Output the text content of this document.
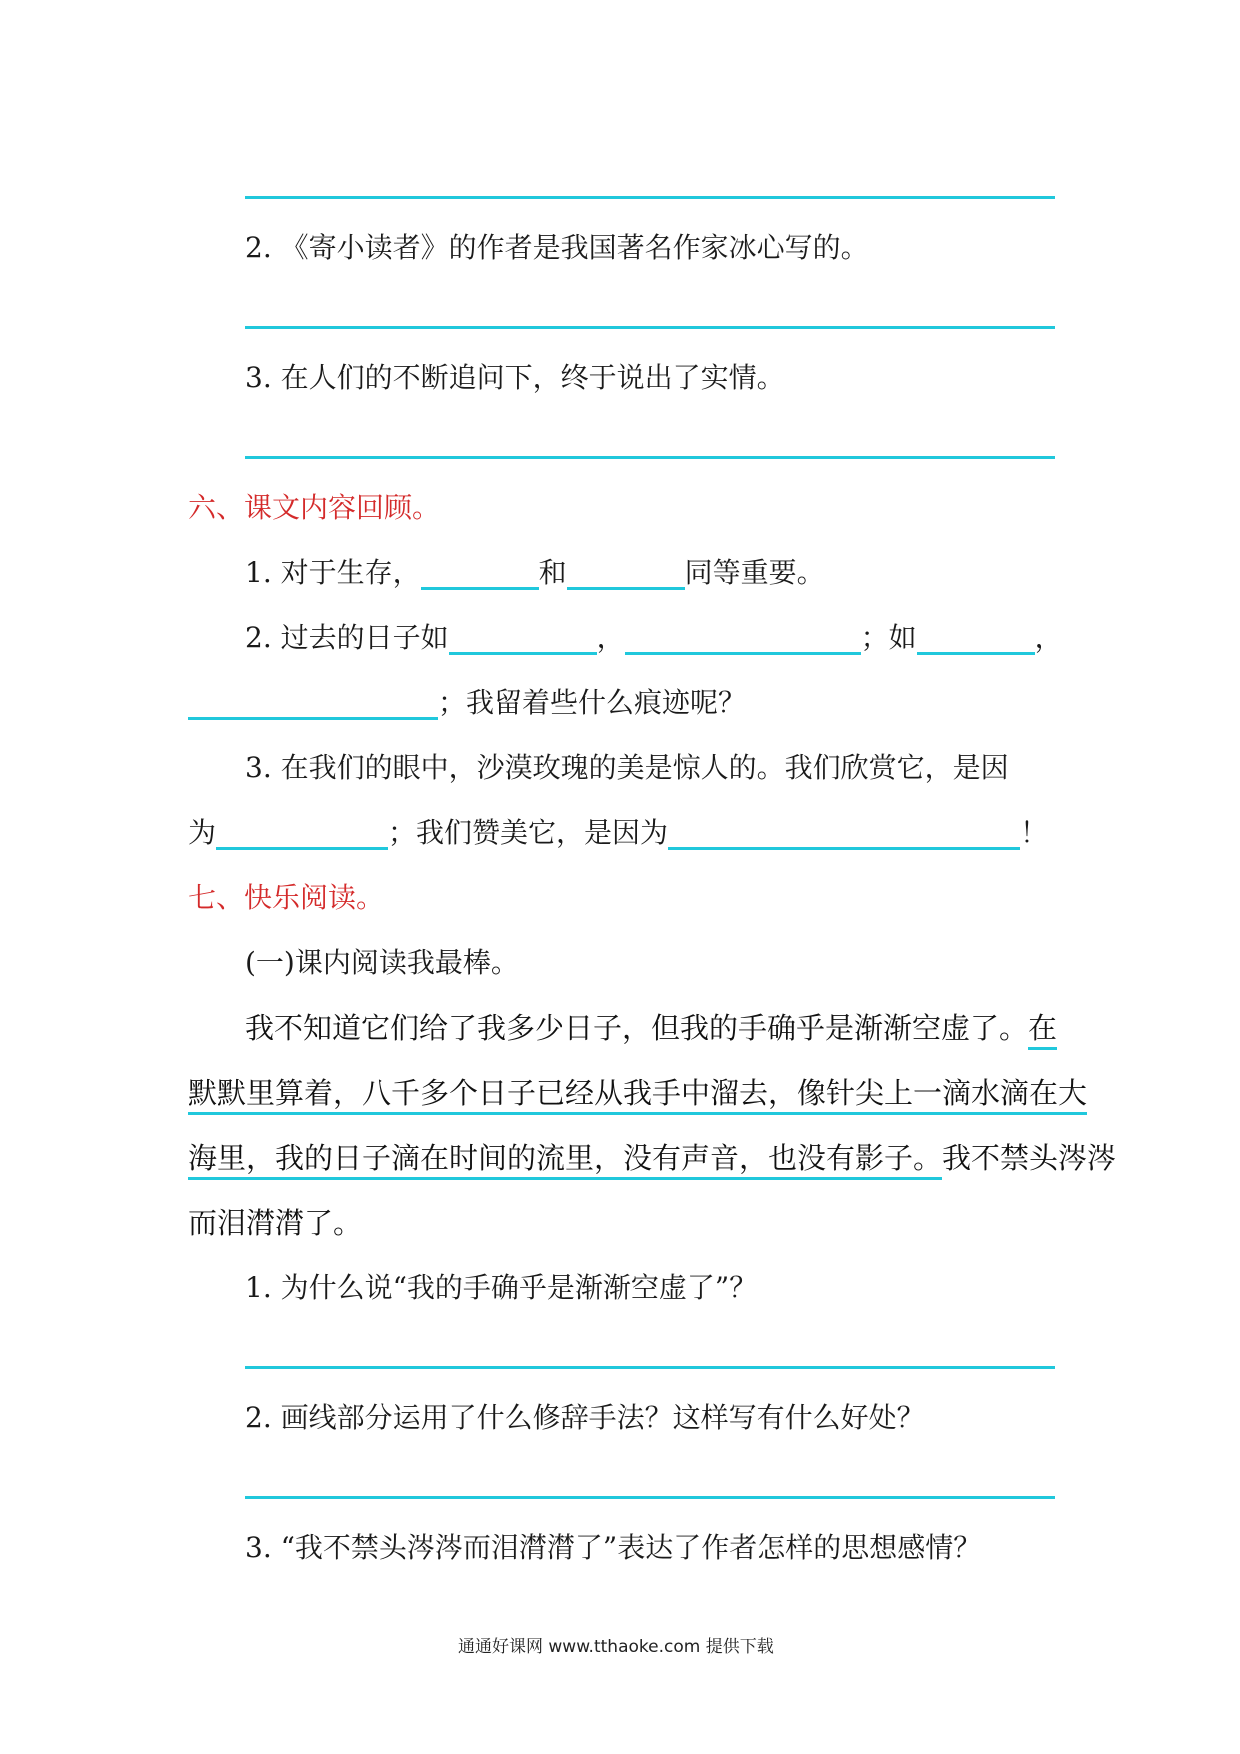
2. 《寄小读者》的作者是我国著名作家冰心写的。
3. 在人们的不断追问下，终于说出了实情。
六、课文内容回顾。
1. 对于生存，	和	同等重要。
2. 过去的日子如	，	；如	，
；我留着些什么痕迹呢？
3. 在我们的眼中，沙漠玫瑰的美是惊人的。我们欣赏它，是因
为	；我们赞美它，是因为	！
七、快乐阅读。
(一)课内阅读我最棒。
我不知道它们给了我多少日子，但我的手确乎是渐渐空虚了。在
默默里算着，八千多个日子已经从我手中溜去，像针尖上一滴水滴在大
海里，我的日子滴在时间的流里，没有声音，也没有影子。我不禁头涔涔
而泪潸潸了。
1. 为什么说“我的手确乎是渐渐空虚了”？
2. 画线部分运用了什么修辞手法？这样写有什么好处？
3. “我不禁头涔涔而泪潸潸了”表达了作者怎样的思想感情？
通通好课网 www.tthaoke.com 提供下载
